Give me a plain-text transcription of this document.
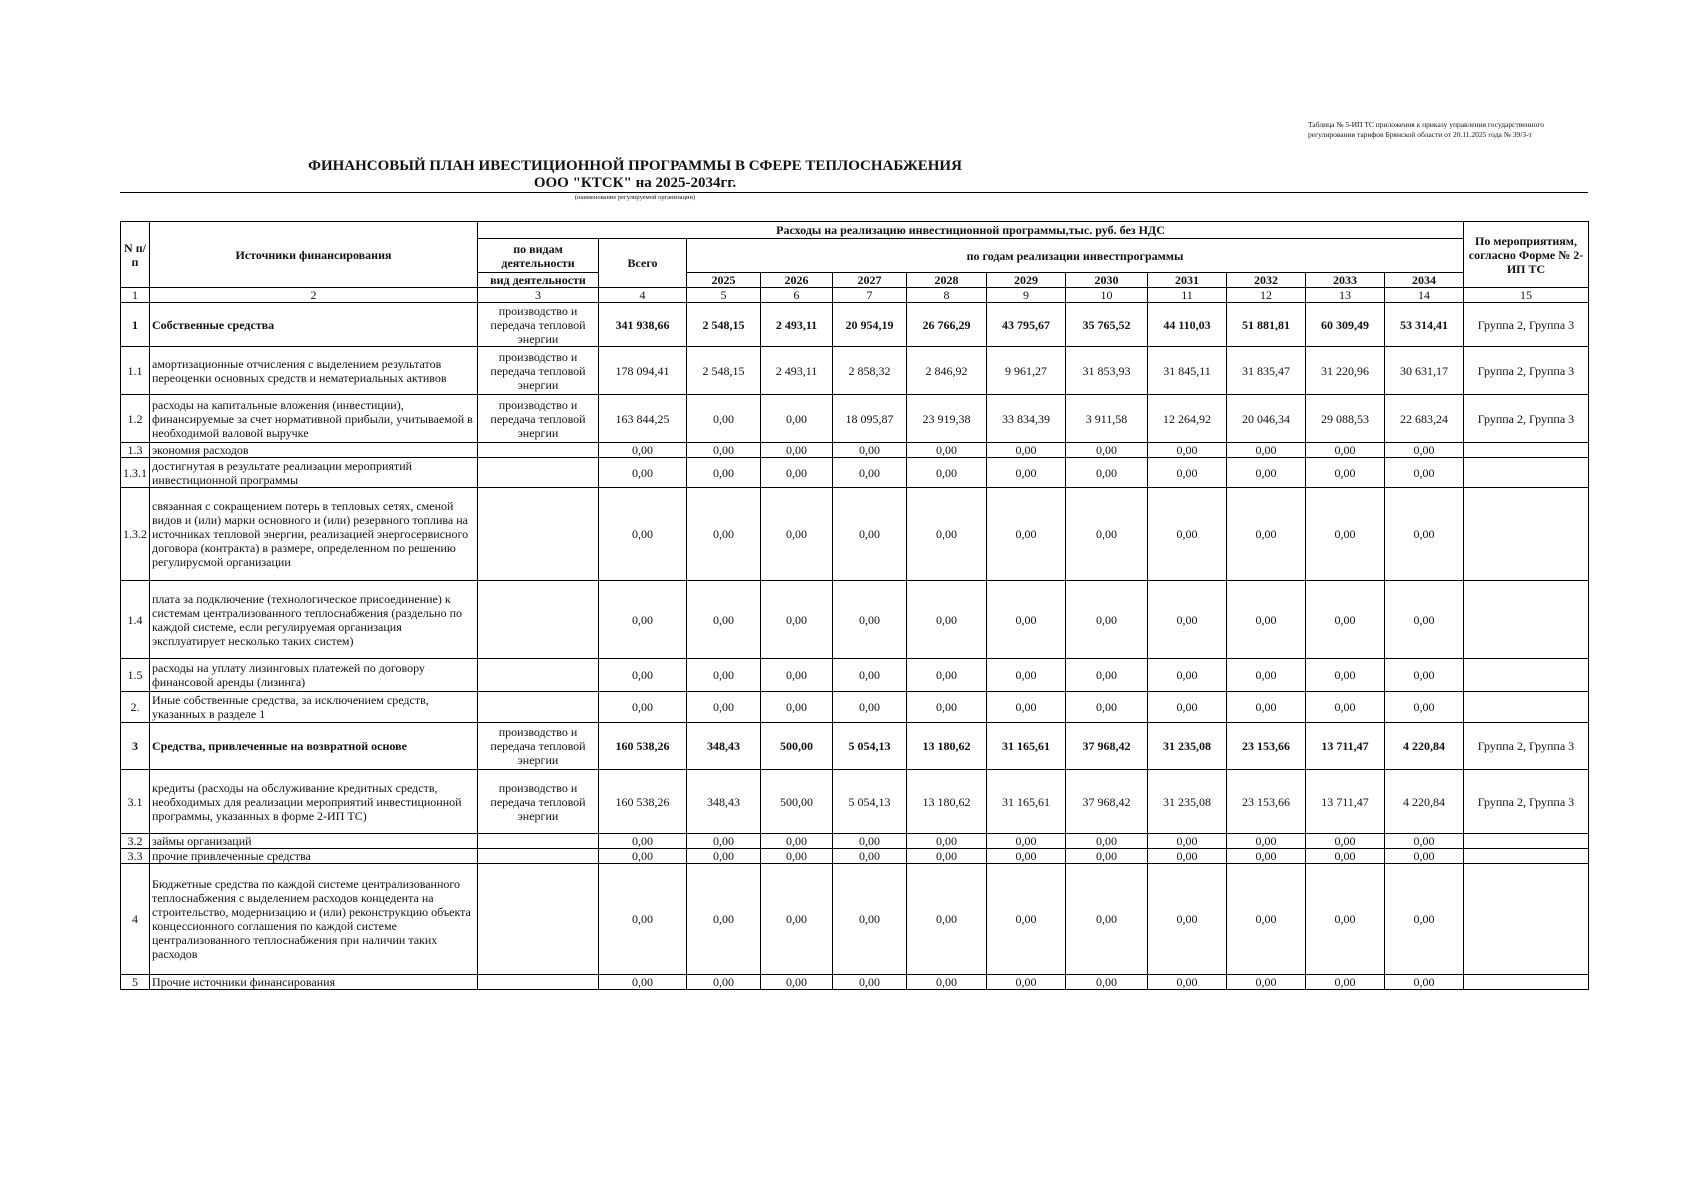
Таблица № 5-ИП ТС приложения к приказу управления государственного регулирования тарифов Брянской области от 20.11.2025 года № 39/3-т
ФИНАНСОВЫЙ ПЛАН ИВЕСТИЦИОННОЙ ПРОГРАММЫ В СФЕРЕ ТЕПЛОСНАБЖЕНИЯ
ООО "КТСК" на 2025-2034гг.
(наименование регулируемой организации)
N п/п	Источники финансирования	Расходы на реализацию инвестиционной программы,тыс. руб. без НДС												По мероприятиям, согласно Форме № 2-ИП ТС
		по видам деятельности	Всего	по годам реализации инвестпрограммы										
		вид деятельности		2025	2026	2027	2028	2029	2030	2031	2032	2033	2034	
1	2	3	4	5	6	7	8	9	10	11	12	13	14	15
1	Собственные средства	производство и передача тепловой энергии	341 938,66	2 548,15	2 493,11	20 954,19	26 766,29	43 795,67	35 765,52	44 110,03	51 881,81	60 309,49	53 314,41	Группа 2, Группа 3
1.1	амортизационные отчисления с выделением результатов переоценки основных средств и нематериальных активов	производство и передача тепловой энергии	178 094,41	2 548,15	2 493,11	2 858,32	2 846,92	9 961,27	31 853,93	31 845,11	31 835,47	31 220,96	30 631,17	Группа 2, Группа 3
1.2	расходы на капитальные вложения (инвестиции), финансируемые за счет нормативной прибыли, учитываемой в необходимой валовой выручке	производство и передача тепловой энергии	163 844,25	0,00	0,00	18 095,87	23 919,38	33 834,39	3 911,58	12 264,92	20 046,34	29 088,53	22 683,24	Группа 2, Группа 3
1.3	экономия расходов		0,00	0,00	0,00	0,00	0,00	0,00	0,00	0,00	0,00	0,00	0,00	
1.3.1	достигнутая в результате реализации мероприятий инвестиционной программы		0,00	0,00	0,00	0,00	0,00	0,00	0,00	0,00	0,00	0,00	0,00	
1.3.2	связанная с сокращением потерь в тепловых сетях, сменой видов и (или) марки основного и (или) резервного топлива на источниках тепловой энергии, реализацией энергосервисного договора (контракта) в размере, определенном по решению регулирусмой организации		0,00	0,00	0,00	0,00	0,00	0,00	0,00	0,00	0,00	0,00	0,00	
1.4	плата за подключение (технологическое присоединение) к системам централизованного теплоснабжения (раздельно по каждой системе, если регулируемая организация эксплуатирует несколько таких систем)		0,00	0,00	0,00	0,00	0,00	0,00	0,00	0,00	0,00	0,00	0,00	
1.5	расходы на уплату лизинговых платежей по договору финансовой аренды (лизинга)		0,00	0,00	0,00	0,00	0,00	0,00	0,00	0,00	0,00	0,00	0,00	
2.	Иные собственные средства, за исключением средств, указанных в разделе 1		0,00	0,00	0,00	0,00	0,00	0,00	0,00	0,00	0,00	0,00	0,00	
3	Средства, привлеченные на возвратной основе	производство и передача тепловой энергии	160 538,26	348,43	500,00	5 054,13	13 180,62	31 165,61	37 968,42	31 235,08	23 153,66	13 711,47	4 220,84	Группа 2, Группа 3
3.1	кредиты (расходы на обслуживание кредитных средств, необходимых для реализации мероприятий инвестиционной программы, указанных в форме 2-ИП ТС)	производство и передача тепловой энергии	160 538,26	348,43	500,00	5 054,13	13 180,62	31 165,61	37 968,42	31 235,08	23 153,66	13 711,47	4 220,84	Группа 2, Группа 3
3.2	займы организаций		0,00	0,00	0,00	0,00	0,00	0,00	0,00	0,00	0,00	0,00	0,00	
3.3	прочие привлеченные средства		0,00	0,00	0,00	0,00	0,00	0,00	0,00	0,00	0,00	0,00	0,00	
4	Бюджетные средства по каждой системе централизованного теплоснабжения с выделением расходов концедента на строительство, модернизацию и (или) реконструкцию объекта концессионного соглашения по каждой системе централизованного теплоснабжения при наличии таких расходов		0,00	0,00	0,00	0,00	0,00	0,00	0,00	0,00	0,00	0,00	0,00	
5	Прочие источники финансирования		0,00	0,00	0,00	0,00	0,00	0,00	0,00	0,00	0,00	0,00	0,00	
